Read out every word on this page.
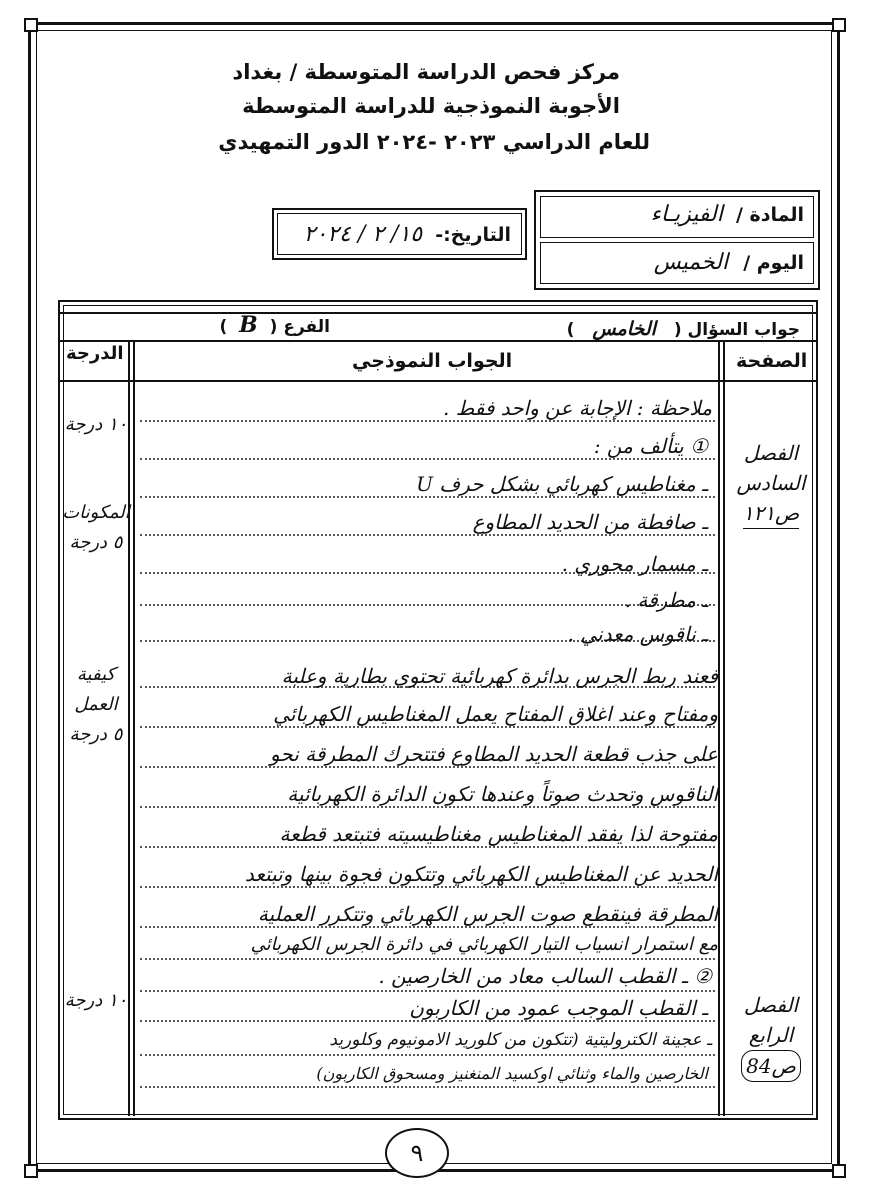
مركز فحص الدراسة المتوسطة / بغداد
الأجوبة النموذجية للدراسة المتوسطة
للعام الدراسي ٢٠٢٣ -٢٠٢٤ الدور التمهيدي
المادة / الفيزيـاء
اليوم / الخميس
التاريخ:- ١٥/ ٢ / ٢٠٢٤
جواب السؤال ( الخامس )
الفرع ( B )
الصفحة
الجواب النموذجي
الدرجة
ملاحظة : الإجابة عن واحد فقط .
① يتألف من :
ـ مغناطيس كهربائي بشكل حرف U
ـ صافطة من الحديد المطاوع
ـ مسمار محوري .
ـ مطرقة .
ـ ناقوس معدني .
فعند ربط الجرس بدائرة كهربائية تحتوي بطارية وعلبة
ومفتاح وعند اغلاق المفتاح يعمل المغناطيس الكهربائي
على جذب قطعة الحديد المطاوع فتتحرك المطرقة نحو
الناقوس وتحدث صوتاً وعندها تكون الدائرة الكهربائية
مفتوحة لذا يفقد المغناطيس مغناطيسيته فتبتعد قطعة
الحديد عن المغناطيس الكهربائي وتتكون فجوة بينها وتبتعد
المطرقة فينقطع صوت الجرس الكهربائي وتتكرر العملية
مع استمرار انسياب التيار الكهربائي في دائرة الجرس الكهربائي
② ـ القطب السالب معاد من الخارصين .
ـ القطب الموجب عمود من الكاربون
ـ عجينة الكتروليتية (تتكون من كلوريد الامونيوم وكلوريد
الخارصين والماء وثنائي اوكسيد المنغنيز ومسحوق الكاربون)
الفصل
السادس
ص١٢١
الفصل
الرابع
ص84
١٠ درجة
المكونات
٥ درجة
كيفية
العمل
٥ درجة
١٠ درجة
٩
